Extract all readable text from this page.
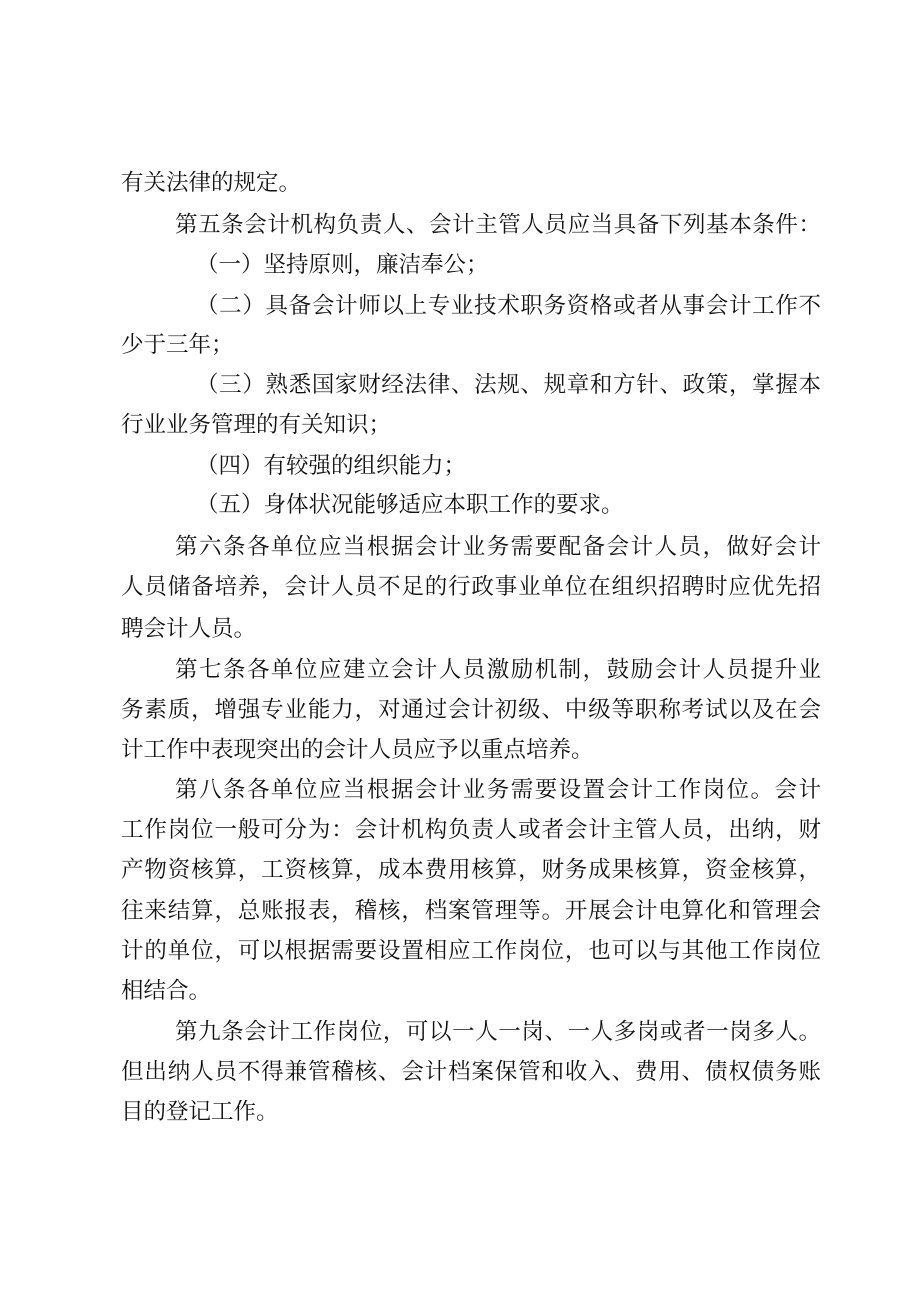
有关法律的规定。
第五条会计机构负责人、会计主管人员应当具备下列基本条件：
（一）坚持原则，廉洁奉公；
（二）具备会计师以上专业技术职务资格或者从事会计工作不
少于三年；
（三）熟悉国家财经法律、法规、规章和方针、政策，掌握本
行业业务管理的有关知识；
（四）有较强的组织能力；
（五）身体状况能够适应本职工作的要求。
第六条各单位应当根据会计业务需要配备会计人员，做好会计
人员储备培养，会计人员不足的行政事业单位在组织招聘时应优先招
聘会计人员。
第七条各单位应建立会计人员激励机制，鼓励会计人员提升业
务素质，增强专业能力，对通过会计初级、中级等职称考试以及在会
计工作中表现突出的会计人员应予以重点培养。
第八条各单位应当根据会计业务需要设置会计工作岗位。会计
工作岗位一般可分为：会计机构负责人或者会计主管人员，出纳，财
产物资核算，工资核算，成本费用核算，财务成果核算，资金核算，
往来结算，总账报表，稽核，档案管理等。开展会计电算化和管理会
计的单位，可以根据需要设置相应工作岗位，也可以与其他工作岗位
相结合。
第九条会计工作岗位，可以一人一岗、一人多岗或者一岗多人。
但出纳人员不得兼管稽核、会计档案保管和收入、费用、债权债务账
目的登记工作。
